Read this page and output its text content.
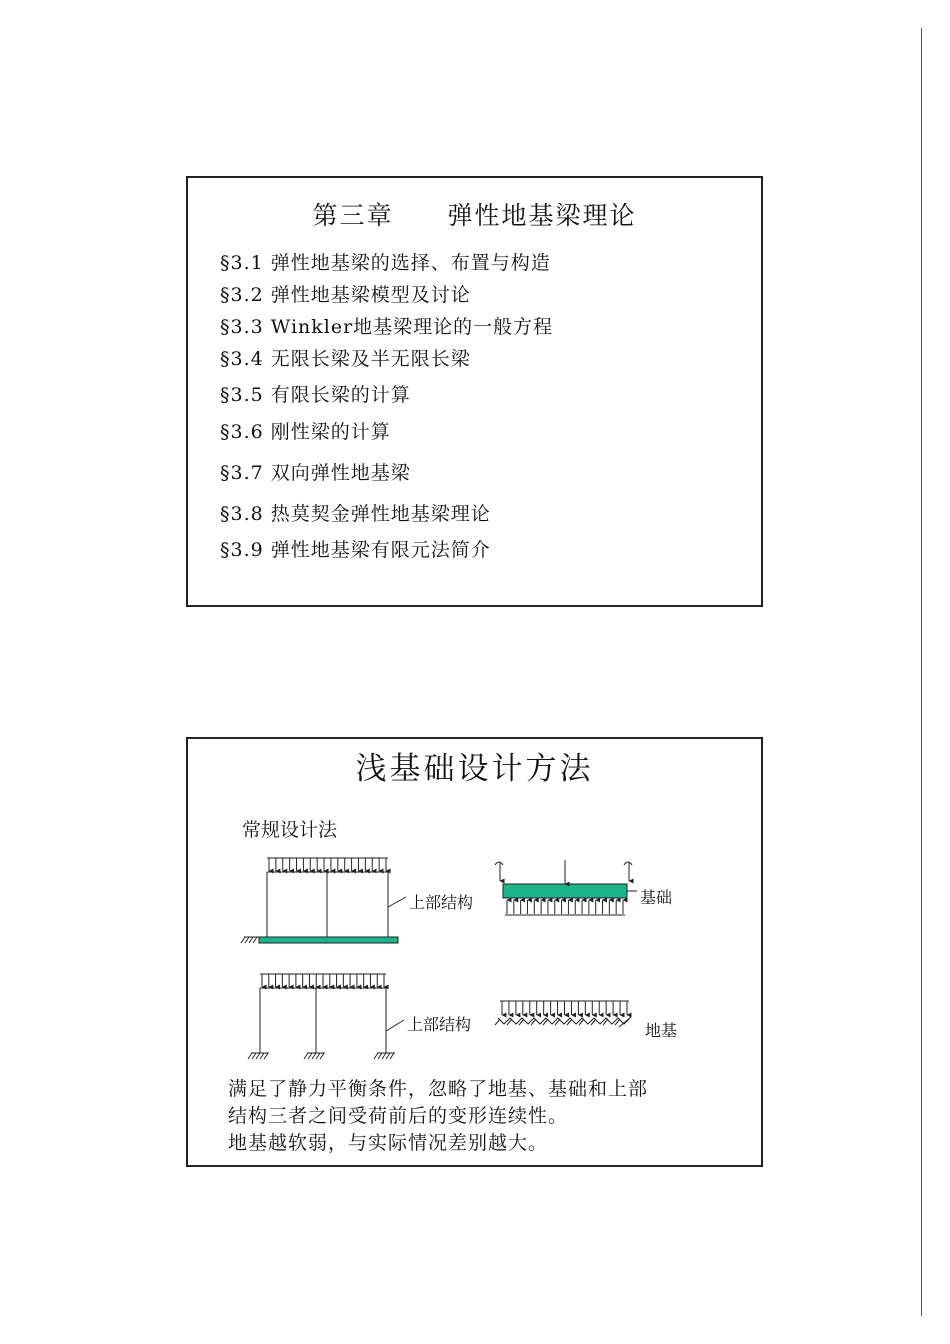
第三章　　弹性地基梁理论
§3.1 弹性地基梁的选择、布置与构造
§3.2 弹性地基梁模型及讨论
§3.3 Winkler地基梁理论的一般方程
§3.4 无限长梁及半无限长梁
§3.5 有限长梁的计算
§3.6 刚性梁的计算
§3.7 双向弹性地基梁
§3.8 热莫契金弹性地基梁理论
§3.9 弹性地基梁有限元法简介
浅基础设计方法
常规设计法
上部结构	基础
上部结构	地基
满足了静力平衡条件，忽略了地基、基础和上部
结构三者之间受荷前后的变形连续性。
地基越软弱，与实际情况差别越大。
